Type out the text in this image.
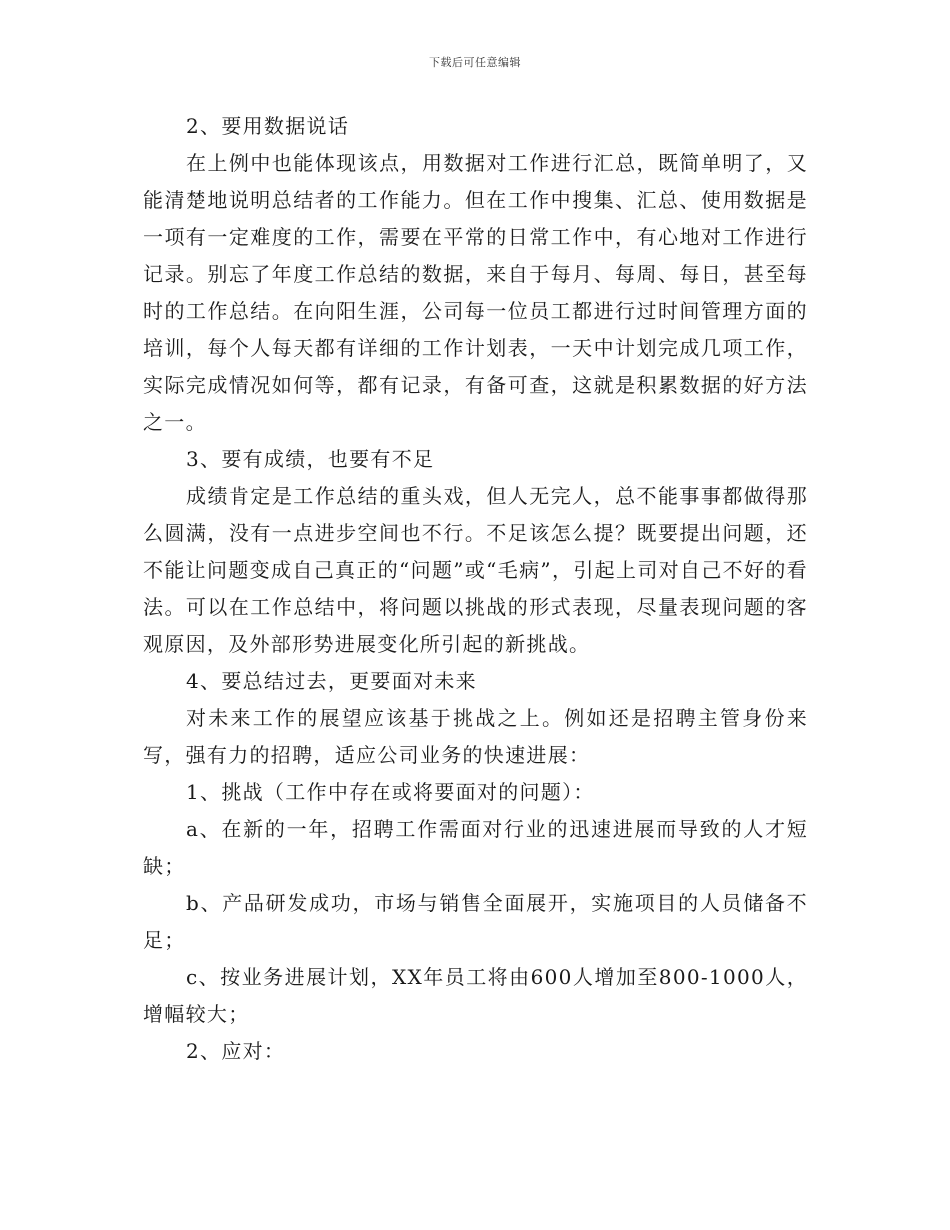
下载后可任意编辑

2、要用数据说话

在上例中也能体现该点，用数据对工作进行汇总，既简单明了，又能清楚地说明总结者的工作能力。但在工作中搜集、汇总、使用数据是一项有一定难度的工作，需要在平常的日常工作中，有心地对工作进行记录。别忘了年度工作总结的数据，来自于每月、每周、每日，甚至每时的工作总结。在向阳生涯，公司每一位员工都进行过时间管理方面的培训，每个人每天都有详细的工作计划表，一天中计划完成几项工作，实际完成情况如何等，都有记录，有备可查，这就是积累数据的好方法之一。

3、要有成绩，也要有不足

成绩肯定是工作总结的重头戏，但人无完人，总不能事事都做得那么圆满，没有一点进步空间也不行。不足该怎么提？既要提出问题，还不能让问题变成自己真正的“问题”或“毛病”，引起上司对自己不好的看法。可以在工作总结中，将问题以挑战的形式表现，尽量表现问题的客观原因，及外部形势进展变化所引起的新挑战。

4、要总结过去，更要面对未来

对未来工作的展望应该基于挑战之上。例如还是招聘主管身份来写，强有力的招聘，适应公司业务的快速进展：

1、挑战（工作中存在或将要面对的问题）：

a、在新的一年，招聘工作需面对行业的迅速进展而导致的人才短缺；

b、产品研发成功，市场与销售全面展开，实施项目的人员储备不足；

c、按业务进展计划，XX年员工将由600人增加至800-1000人，增幅较大；

2、应对：
